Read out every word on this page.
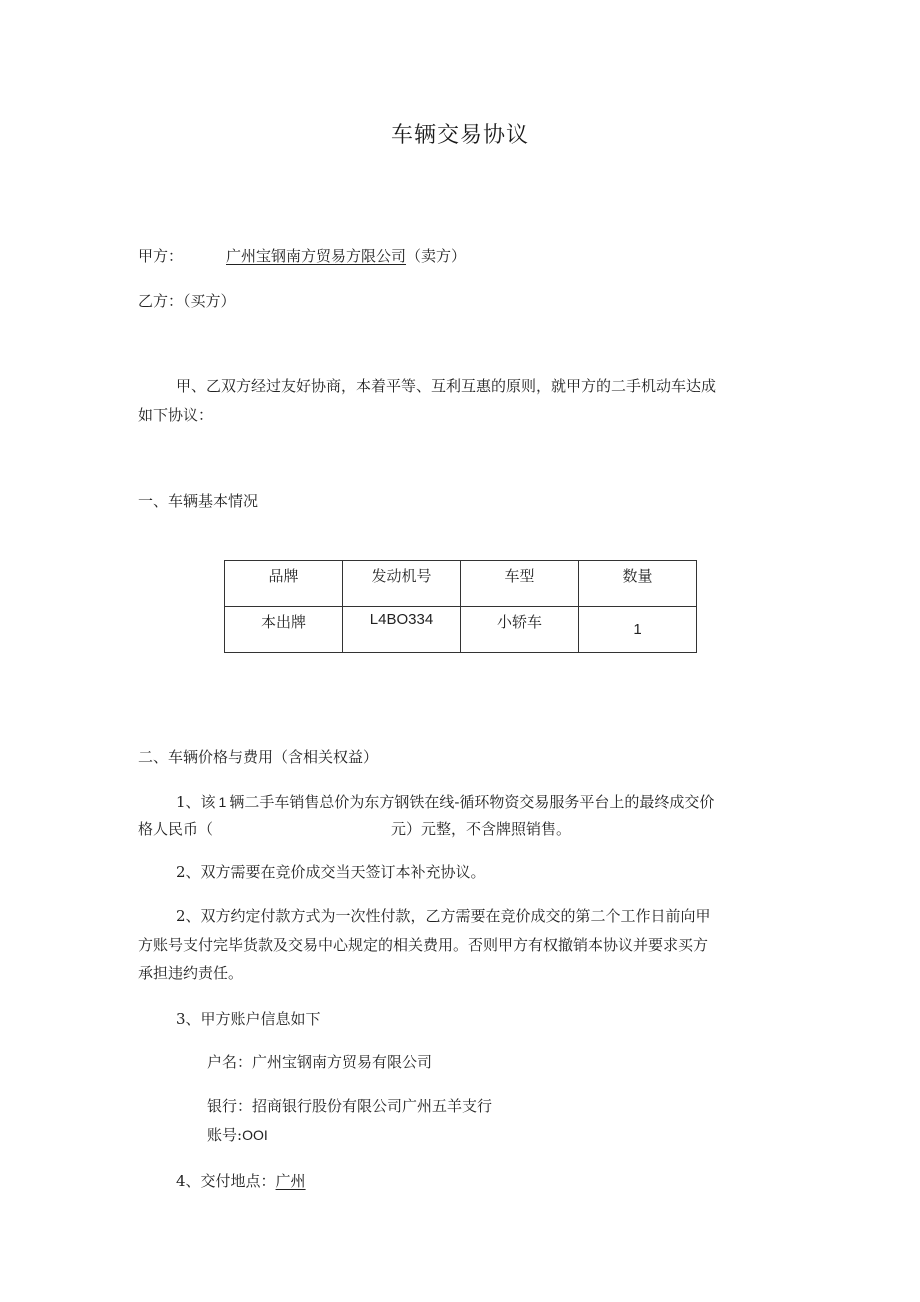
车辆交易协议
甲方：	广州宝钢南方贸易方限公司（卖方）
乙方：（买方）
甲、乙双方经过友好协商，本着平等、互利互惠的原则，就甲方的二手机动车达成
如下协议：
一、车辆基本情况
品牌	发动机号	车型	数量
本出牌	L4BO334	小轿车	1
二、车辆价格与费用（含相关权益）
1、该 1 辆二手车销售总价为东方钢铁在线-循环物资交易服务平台上的最终成交价
格人民币（	元）元整，不含牌照销售。
2、双方需要在竞价成交当天签订本补充协议。
2、双方约定付款方式为一次性付款，乙方需要在竞价成交的第二个工作日前向甲
方账号支付完毕货款及交易中心规定的相关费用。否则甲方有权撤销本协议并要求买方
承担违约责任。
3、甲方账户信息如下
户名：广州宝钢南方贸易有限公司
银行：招商银行股份有限公司广州五羊支行
账号:OOI
4、交付地点：广州
